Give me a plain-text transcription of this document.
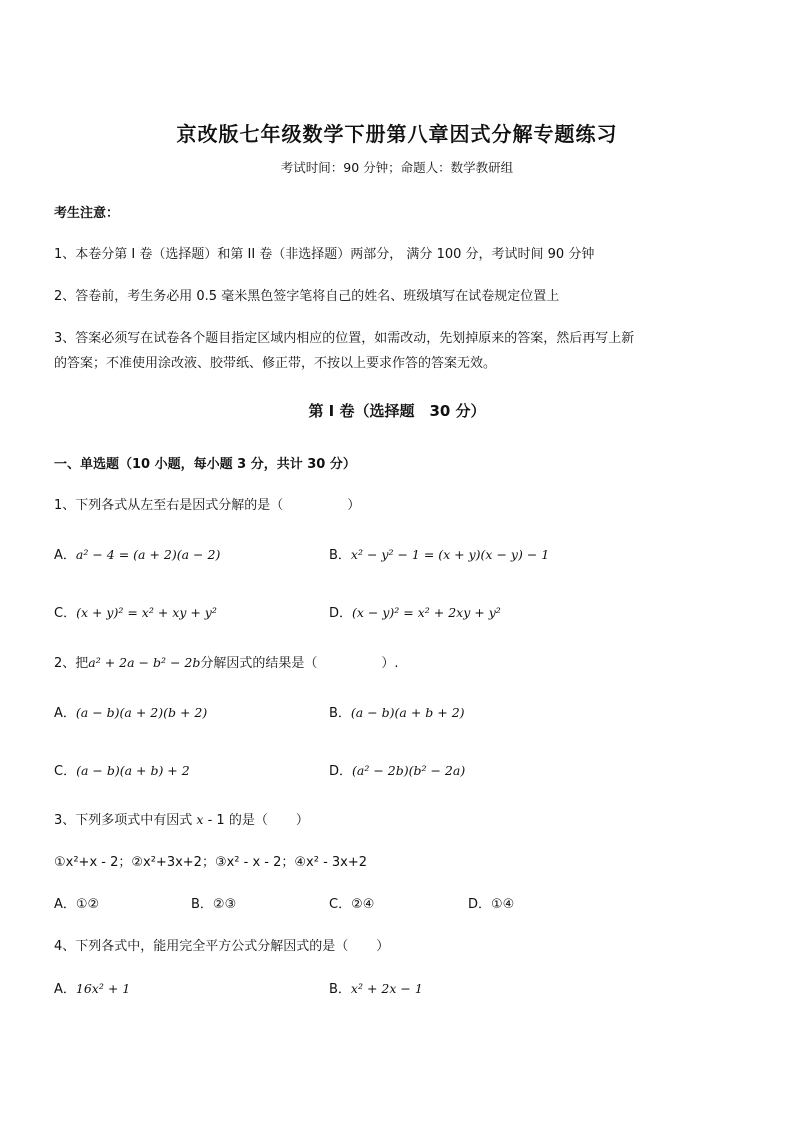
京改版七年级数学下册第八章因式分解专题练习
考试时间：90 分钟；命题人：数学教研组
考生注意：
1、本卷分第 I 卷（选择题）和第 II 卷（非选择题）两部分， 满分 100 分，考试时间 90 分钟
2、答卷前，考生务必用 0.5 毫米黑色签字笔将自己的姓名、班级填写在试卷规定位置上
3、答案必须写在试卷各个题目指定区域内相应的位置，如需改动，先划掉原来的答案，然后再写上新
的答案；不准使用涂改液、胶带纸、修正带，不按以上要求作答的答案无效。
第 I 卷（选择题　30 分）
一、单选题（10 小题，每小题 3 分，共计 30 分）
1、下列各式从左至右是因式分解的是（	）
A．a² − 4 = (a + 2)(a − 2)	B．x² − y² − 1 = (x + y)(x − y) − 1
C．(x + y)² = x² + xy + y²	D．(x − y)² = x² + 2xy + y²
2、把a² + 2a − b² − 2b分解因式的结果是（	）.
A．(a − b)(a + 2)(b + 2)	B．(a − b)(a + b + 2)
C．(a − b)(a + b) + 2	D．(a² − 2b)(b² − 2a)
3、下列多项式中有因式 x - 1 的是（ ）
①x²+x - 2；②x²+3x+2；③x² - x - 2；④x² - 3x+2
A．①②	B．②③	C．②④	D．①④
4、下列各式中，能用完全平方公式分解因式的是（ ）
A．16x² + 1	B．x² + 2x − 1
